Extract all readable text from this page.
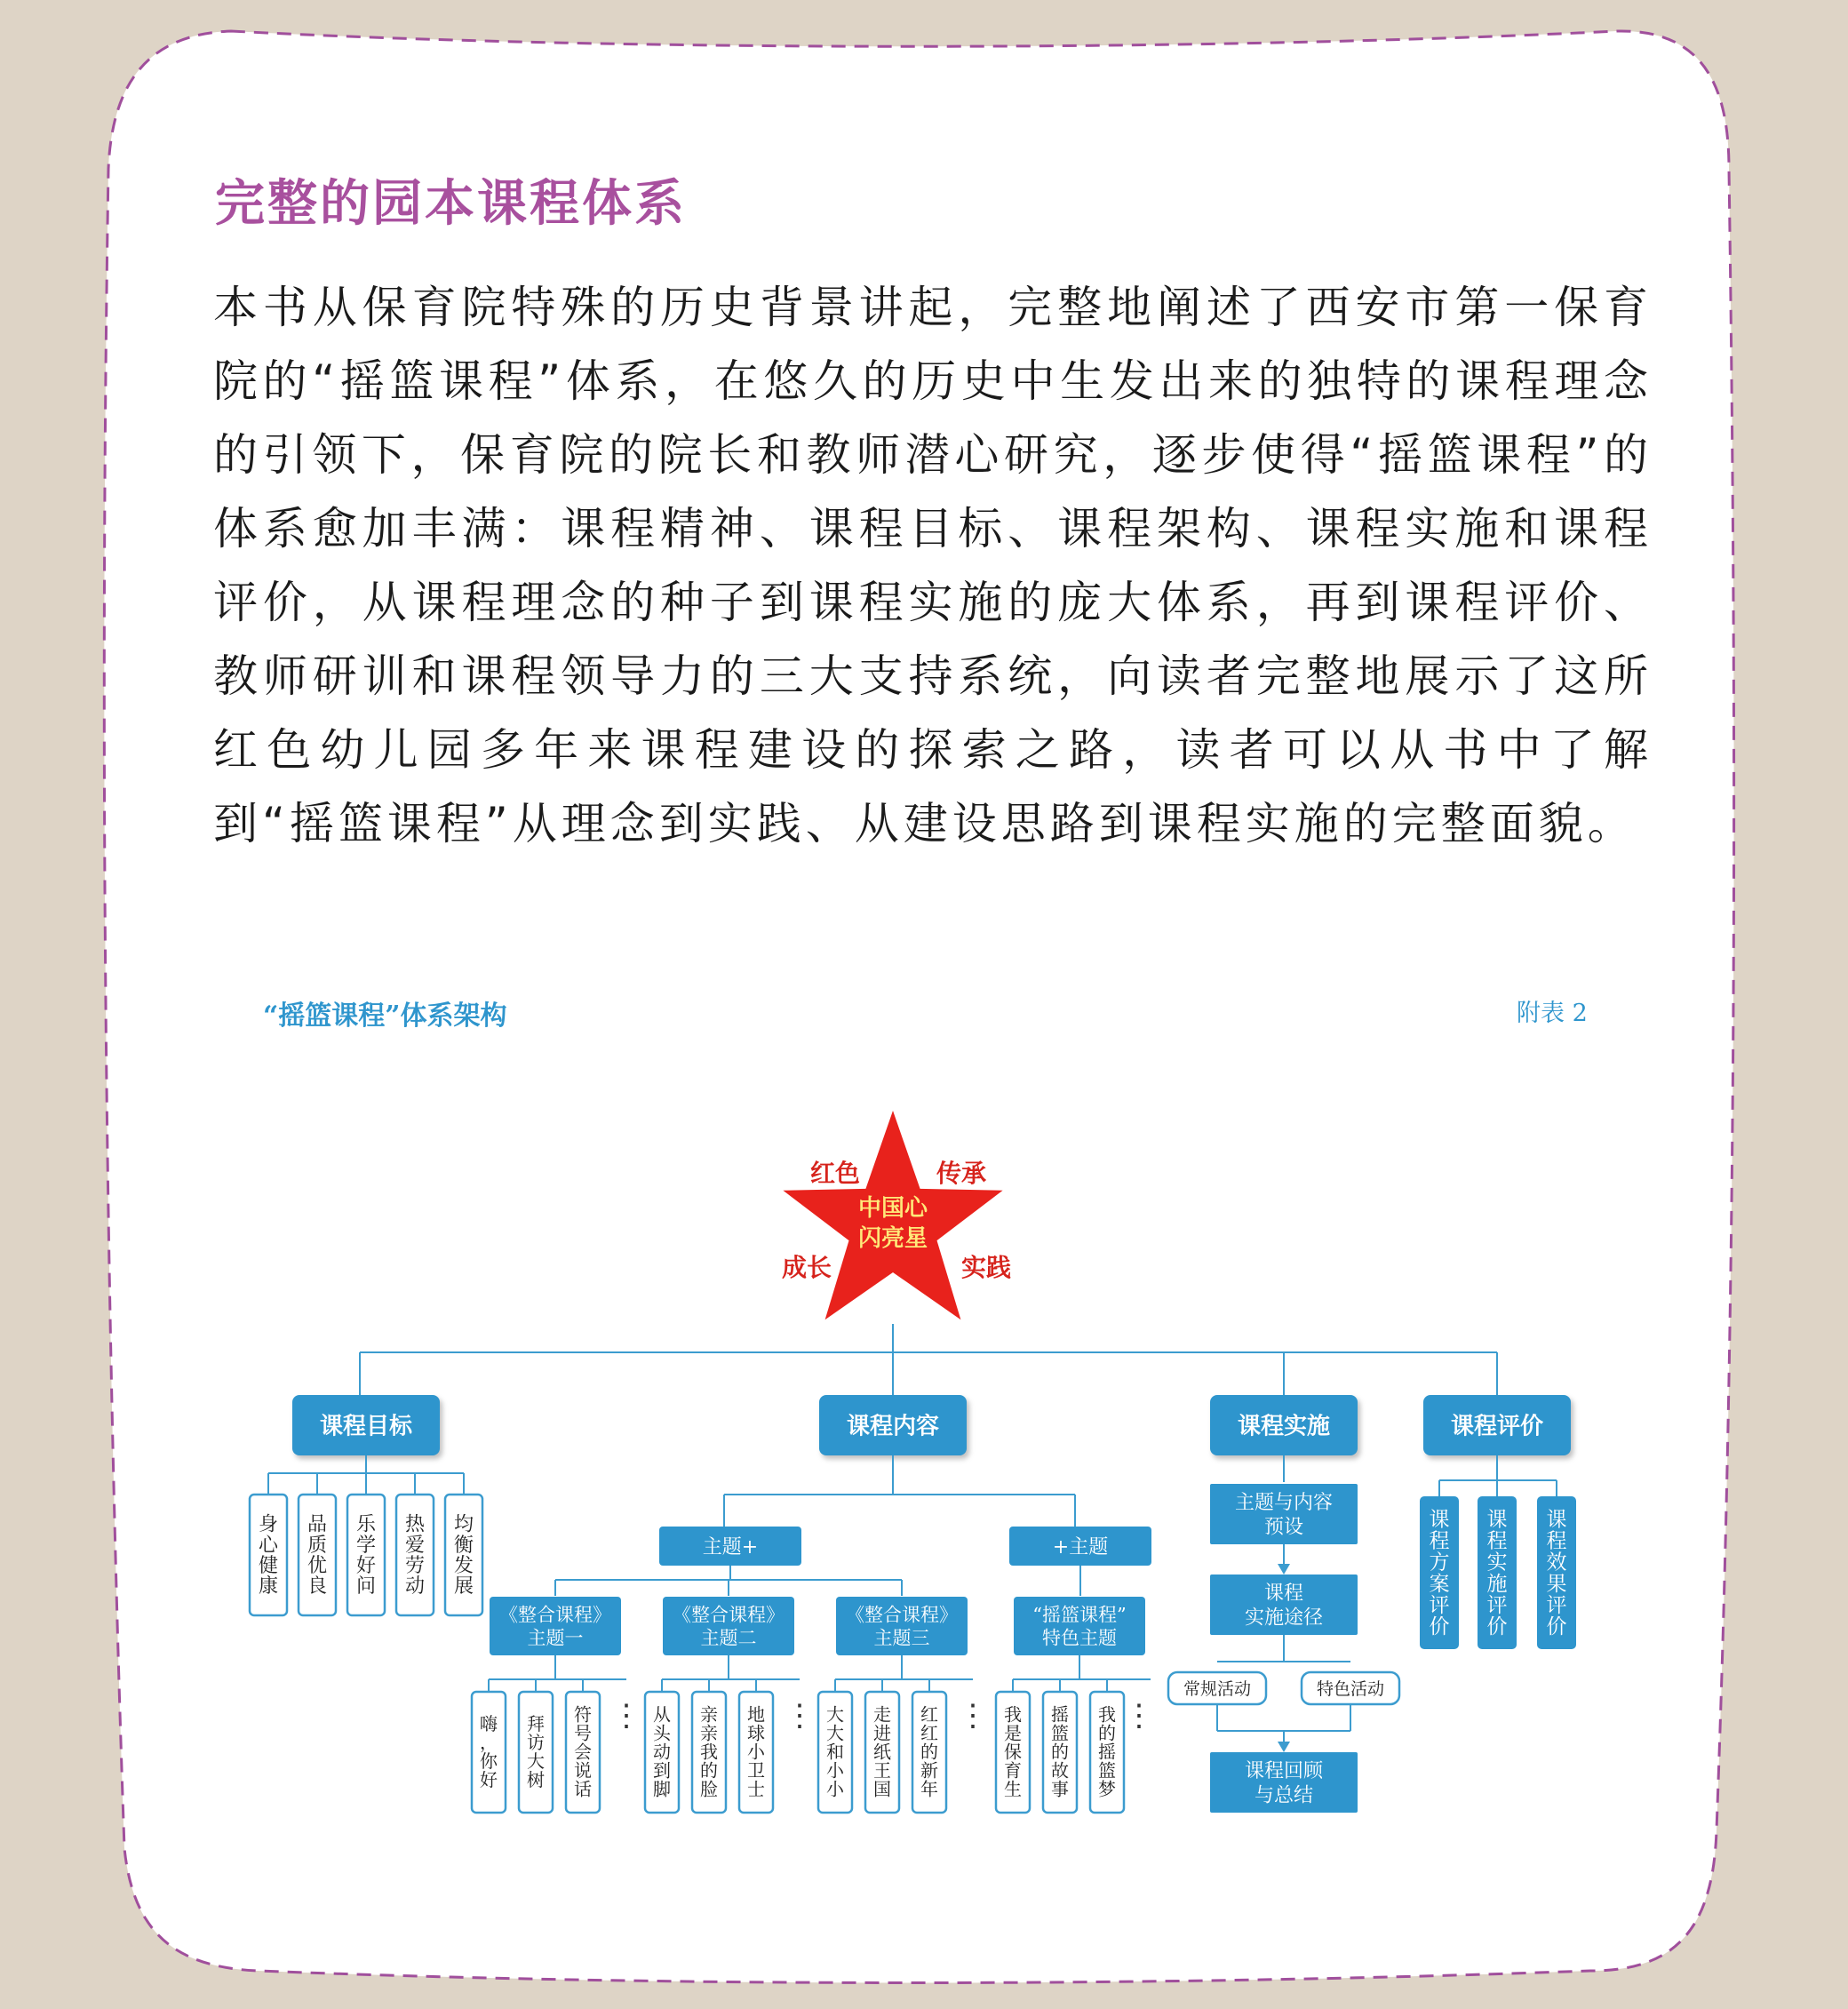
完整的园本课程体系

本书从保育院特殊的历史背景讲起，完整地阐述了西安市第一保育院的“摇篮课程”体系，在悠久的历史中生发出来的独特的课程理念的引领下，保育院的院长和教师潜心研究，逐步使得“摇篮课程”的体系愈加丰满：课程精神、课程目标、课程架构、课程实施和课程评价，从课程理念的种子到课程实施的庞大体系，再到课程评价、教师研训和课程领导力的三大支持系统，向读者完整地展示了这所红色幼儿园多年来课程建设的探索之路，读者可以从书中了解到“摇篮课程”从理念到实践、从建设思路到课程实施的完整面貌。

“摇篮课程”体系架构	附表 2
中国心
闪亮星
红色	传承
成长	实践
课程目标	课程内容	课程实施	课程评价
身心健康
品质优良
乐学好问
热爱劳动
均衡发展
主题+	+主题
《整合课程》
主题一
嗨，你好
拜访大树
符号会说话
⋮
《整合课程》
主题二
从头动到脚
亲亲我的脸
地球小卫士
⋮
《整合课程》
主题三
大大和小小
走进纸王国
红红的新年
⋮
“摇篮课程”
特色主题
我是保育生
摇篮的故事
我的摇篮梦
⋮
主题与内容
预设
课程
实施途径
常规活动	特色活动
课程回顾
与总结
课程方案评价
课程实施评价
课程效果评价
